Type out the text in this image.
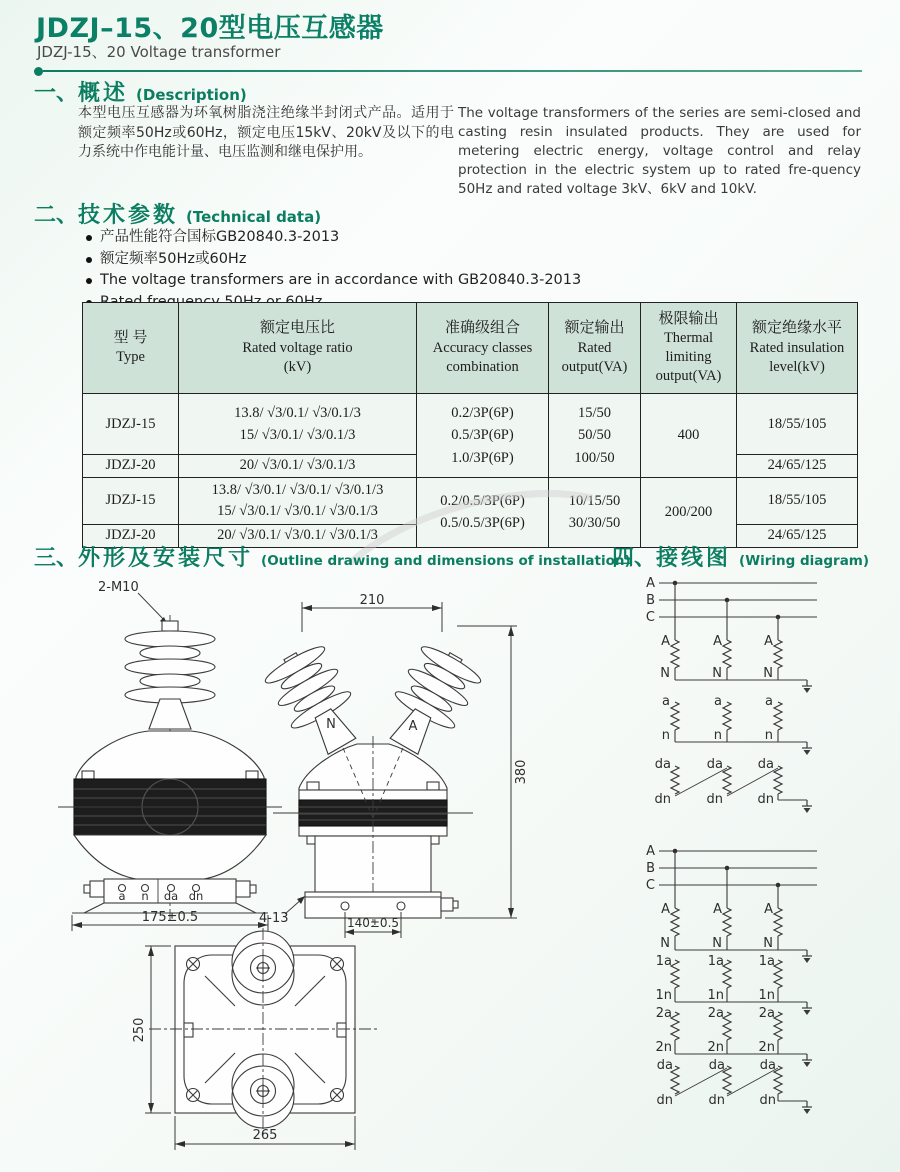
JDZJ–15、20型电压互感器
JDZJ-15、20 Voltage transformer
一、 概述 (Description)

本型电压互感器为环氧树脂浇注绝缘半封闭式产品。适用于额定频率50Hz或60Hz，额定电压15kV、20kV及以下的电力系统中作电能计量、电压监测和继电保护用。

The voltage transformers of the series are semi-closed and casting resin insulated products. They are used for metering electric energy, voltage control and relay protection in the electric system up to rated fre-quency 50Hz and rated voltage 3kV、6kV and 10kV.

二、 技术参数 (Technical data)
产品性能符合国标GB20840.3-2013
额定频率50Hz或60Hz
The voltage transformers are in accordance with GB20840.3-2013
型 号
Type

额定电压比
Rated voltage ratio
(kV)

准确级组合
Accuracy classes combination

额定输出
Rated output(VA)

极限输出
Thermal limiting output(VA)

额定绝缘水平
Rated insulation level(kV)

JDZJ-15	
13.8/ √3/0.1/ √3/0.1/3
15/ √3/0.1/ √3/0.1/3

0.2/3P(6P)
0.5/3P(6P)
1.0/3P(6P)

15/50
50/50
100/50
	400	18/55/105
JDZJ-20	20/ √3/0.1/ √3/0.1/3				24/65/125
JDZJ-15	
13.8/ √3/0.1/ √3/0.1/ √3/0.1/3
15/ √3/0.1/ √3/0.1/ √3/0.1/3

0.2/0.5/3P(6P)
0.5/0.5/3P(6P)

10/15/50
30/30/50
	200/200	18/55/105
JDZJ-20	20/ √3/0.1/ √3/0.1/ √3/0.1/3				24/65/125
三、 外形及安装尺寸 (Outline drawing and dimensions of installation)
四、 接线图 (Wiring diagram)
2-M10
a n da dn
175±0.5
210
N	A
380
140±0.5
4-13
250
265
A
B
C
A	A	A
N	N	N
a	a	a
n	n	n
da	da	da
dn	dn	dn
A
B
C
A	A	A
N	N	N
1a	1a	1a
1n	1n	1n
2a	2a	2a
2n	2n	2n
da	da	da
dn	dn	dn
